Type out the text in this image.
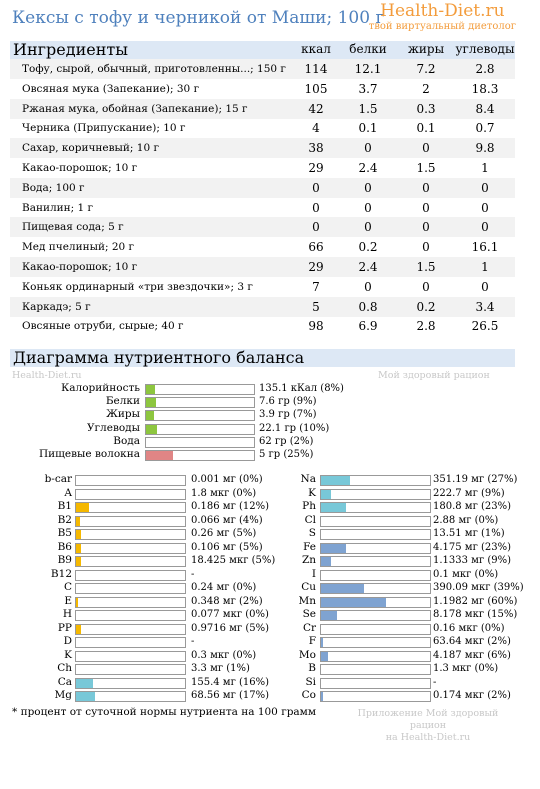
Кексы с тофу и черникой от Маши; 100 г
Health-Diet.ru
твой виртуальный диетолог
Ингредиенты	ккал	белки	жиры углеводы
Тофу, сырой, обычный, приготовленны...; 150 г	114	12.1	7.2	2.8
Овсяная мука (Запекание); 30 г	105	3.7	2	18.3
Ржаная мука, обойная (Запекание); 15 г	42	1.5	0.3	8.4
Черника (Припускание); 10 г	4	0.1	0.1	0.7
Сахар, коричневый; 10 г	38	0	0	9.8
Какао-порошок; 10 г	29	2.4	1.5	1
Вода; 100 г	0	0	0	0
Ванилин; 1 г	0	0	0	0
Пищевая сода; 5 г	0	0	0	0
Мед пчелиный; 20 г	66	0.2	0	16.1
Какао-порошок; 10 г	29	2.4	1.5	1
Коньяк ординарный «три звездочки»; 3 г	7	0	0	0
Каркадэ; 5 г	5	0.8	0.2	3.4
Овсяные отруби, сырые; 40 г	98	6.9	2.8	26.5
Диаграмма нутриентного баланса
Health-Diet.ru	Мой здоровый рацион
Калорийность	135.1 кКал (8%)
Белки	7.6 гр (9%)
Жиры	3.9 гр (7%)
Углеводы	22.1 гр (10%)
Вода	62 гр (2%)
Пищевые волокна	5 гр (25%)
b-car	0.001 мг (0%)
A	1.8 мкг (0%)
B1	0.186 мг (12%)
B2	0.066 мг (4%)
B5	0.26 мг (5%)
B6	0.106 мг (5%)
B9	18.425 мкг (5%)
B12	-
C	0.24 мг (0%)
E	0.348 мг (2%)
H	0.077 мкг (0%)
PP	0.9716 мг (5%)
D	-
K	0.3 мкг (0%)
Ch	3.3 мг (1%)
Ca	155.4 мг (16%)
Mg	68.56 мг (17%)
Na	351.19 мг (27%)
K	222.7 мг (9%)
Ph	180.8 мг (23%)
Cl	2.88 мг (0%)
S	13.51 мг (1%)
Fe	4.175 мг (23%)
Zn	1.1333 мг (9%)
I	0.1 мкг (0%)
Cu	390.09 мкг (39%)
Mn	1.1982 мг (60%)
Se	8.178 мкг (15%)
Cr	0.16 мкг (0%)
F	63.64 мкг (2%)
Mo	4.187 мкг (6%)
B	1.3 мкг (0%)
Si	-
Co	0.174 мкг (2%)
* процент от суточной нормы нутриента на 100 грамм	Приложение Мой здоровый рацион
на Health-Diet.ru
